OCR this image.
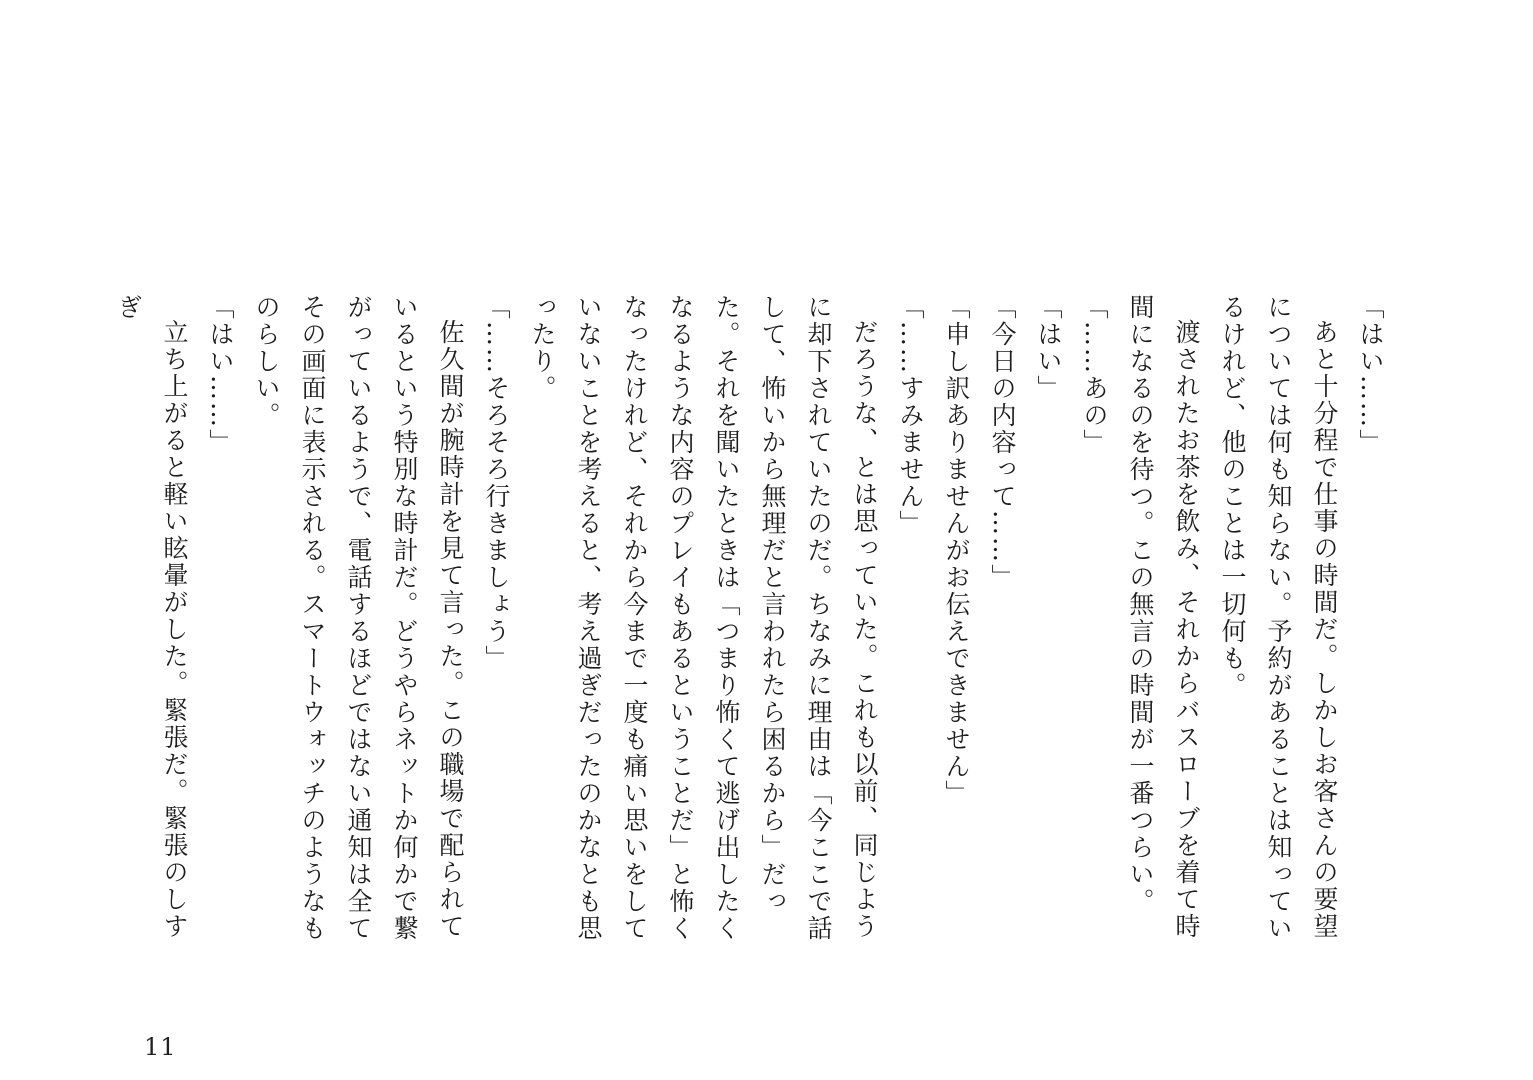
「はい……」

あと十分程で仕事の時間だ。しかしお客さんの要望については何も知らない。予約があることは知っているけれど、他のことは一切何も。

渡されたお茶を飲み、それからバスローブを着て時間になるのを待つ。この無言の時間が一番つらい。

「……あの」

「はい」

「今日の内容って……」

「申し訳ありませんがお伝えできません」

「……すみません」

だろうな、とは思っていた。これも以前、同じように却下されていたのだ。ちなみに理由は「今ここで話して、怖いから無理だと言われたら困るから」だった。それを聞いたときは「つまり怖くて逃げ出したくなるような内容のプレイもあるということだ」と怖くなったけれど、それから今まで一度も痛い思いをしていないことを考えると、考え過ぎだったのかなとも思ったり。

「……そろそろ行きましょう」

佐久間が腕時計を見て言った。この職場で配られているという特別な時計だ。どうやらネットか何かで繋がっているようで、電話するほどではない通知は全てその画面に表示される。スマートウォッチのようなものらしい。

「はい……」

立ち上がると軽い眩暈がした。緊張だ。緊張のしすぎ

11
